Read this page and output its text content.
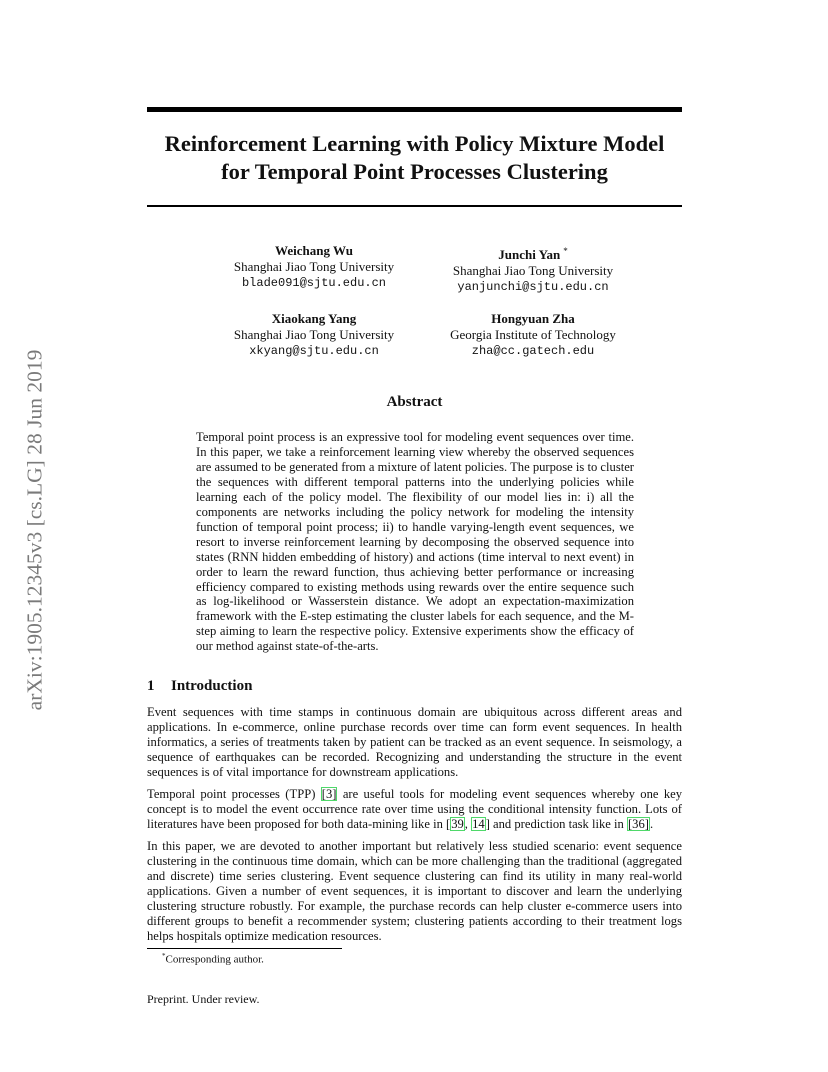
arXiv:1905.12345v3 [cs.LG] 28 Jun 2019
Reinforcement Learning with Policy Mixture Model
for Temporal Point Processes Clustering
Weichang Wu
Shanghai Jiao Tong University
blade091@sjtu.edu.cn
Junchi Yan *
Shanghai Jiao Tong University
yanjunchi@sjtu.edu.cn
Xiaokang Yang
Shanghai Jiao Tong University
xkyang@sjtu.edu.cn
Hongyuan Zha
Georgia Institute of Technology
zha@cc.gatech.edu
Abstract

Temporal point process is an expressive tool for modeling event sequences over time. In this paper, we take a reinforcement learning view whereby the observed sequences are assumed to be generated from a mixture of latent policies. The purpose is to cluster the sequences with different temporal patterns into the underlying policies while learning each of the policy model. The flexibility of our model lies in: i) all the components are networks including the policy network for modeling the intensity function of temporal point process; ii) to handle varying-length event sequences, we resort to inverse reinforcement learning by decomposing the observed sequence into states (RNN hidden embedding of history) and actions (time interval to next event) in order to learn the reward function, thus achieving better performance or increasing efficiency compared to existing methods using rewards over the entire sequence such as log-likelihood or Wasserstein distance. We adopt an expectation-maximization framework with the E-step estimating the cluster labels for each sequence, and the M-step aiming to learn the respective policy. Extensive experiments show the efficacy of our method against state-of-the-arts.

1 Introduction

Event sequences with time stamps in continuous domain are ubiquitous across different areas and applications. In e-commerce, online purchase records over time can form event sequences. In health informatics, a series of treatments taken by patient can be tracked as an event sequence. In seismology, a sequence of earthquakes can be recorded. Recognizing and understanding the structure in the event sequences is of vital importance for downstream applications.

Temporal point processes (TPP) [3] are useful tools for modeling event sequences whereby one key concept is to model the event occurrence rate over time using the conditional intensity function. Lots of literatures have been proposed for both data-mining like in [39, 14] and prediction task like in [36].

In this paper, we are devoted to another important but relatively less studied scenario: event sequence clustering in the continuous time domain, which can be more challenging than the traditional (aggregated and discrete) time series clustering. Event sequence clustering can find its utility in many real-world applications. Given a number of event sequences, it is important to discover and learn the underlying clustering structure robustly. For example, the purchase records can help cluster e-commerce users into different groups to benefit a recommender system; clustering patients according to their treatment logs helps hospitals optimize medication resources.

*Corresponding author.
Preprint. Under review.
